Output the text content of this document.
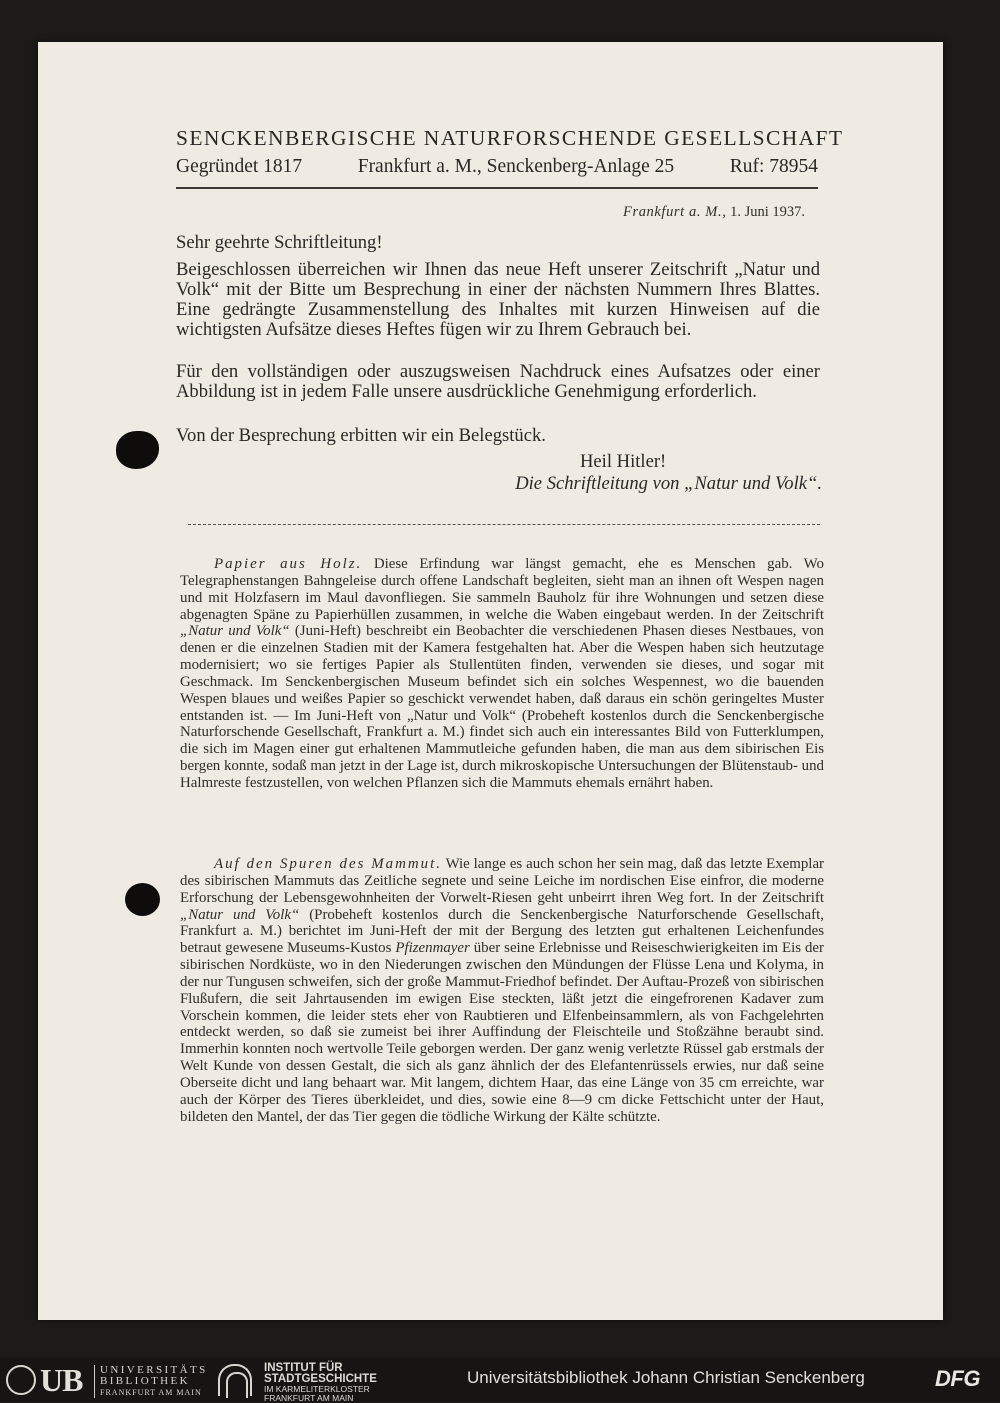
SENCKENBERGISCHE NATURFORSCHENDE GESELLSCHAFT
Gegründet 1817	Frankfurt a. M., Senckenberg-Anlage 25	Ruf: 78954
Frankfurt a. M., 1. Juni 1937.

Sehr geehrte Schriftleitung!

Beigeschlossen überreichen wir Ihnen das neue Heft unserer Zeitschrift „Natur und Volk“ mit der Bitte um Besprechung in einer der nächsten Nummern Ihres Blattes. Eine gedrängte Zusammenstellung des Inhaltes mit kurzen Hinweisen auf die wichtigsten Aufsätze dieses Heftes fügen wir zu Ihrem Gebrauch bei.

Für den vollständigen oder auszugsweisen Nachdruck eines Aufsatzes oder einer Abbildung ist in jedem Falle unsere ausdrückliche Genehmigung erforderlich.

Von der Besprechung erbitten wir ein Belegstück.

Heil Hitler!
Die Schriftleitung von „Natur und Volk“.

Papier aus Holz. Diese Erfindung war längst gemacht, ehe es Menschen gab. Wo Telegraphenstangen Bahngeleise durch offene Landschaft begleiten, sieht man an ihnen oft Wespen nagen und mit Holzfasern im Maul davonfliegen. Sie sammeln Bauholz für ihre Wohnungen und setzen diese abgenagten Späne zu Papierhüllen zusammen, in welche die Waben eingebaut werden. In der Zeitschrift „Natur und Volk“ (Juni-Heft) beschreibt ein Beobachter die verschiedenen Phasen dieses Nestbaues, von denen er die einzelnen Stadien mit der Kamera festgehalten hat. Aber die Wespen haben sich heutzutage modernisiert; wo sie fertiges Papier als Stullentüten finden, verwenden sie dieses, und sogar mit Geschmack. Im Senckenbergischen Museum befindet sich ein solches Wespennest, wo die bauenden Wespen blaues und weißes Papier so geschickt verwendet haben, daß daraus ein schön geringeltes Muster entstanden ist. — Im Juni-Heft von „Natur und Volk“ (Probeheft kostenlos durch die Senckenbergische Naturforschende Gesellschaft, Frankfurt a. M.) findet sich auch ein interessantes Bild von Futterklumpen, die sich im Magen einer gut erhaltenen Mammutleiche gefunden haben, die man aus dem sibirischen Eis bergen konnte, sodaß man jetzt in der Lage ist, durch mikroskopische Untersuchungen der Blütenstaub- und Halmreste festzustellen, von welchen Pflanzen sich die Mammuts ehemals ernährt haben.

Auf den Spuren des Mammut. Wie lange es auch schon her sein mag, daß das letzte Exemplar des sibirischen Mammuts das Zeitliche segnete und seine Leiche im nordischen Eise einfror, die moderne Erforschung der Lebensgewohnheiten der Vorwelt-Riesen geht unbeirrt ihren Weg fort. In der Zeitschrift „Natur und Volk“ (Probeheft kostenlos durch die Senckenbergische Naturforschende Gesellschaft, Frankfurt a. M.) berichtet im Juni-Heft der mit der Bergung des letzten gut erhaltenen Leichenfundes betraut gewesene Museums-Kustos Pfizenmayer über seine Erlebnisse und Reiseschwierigkeiten im Eis der sibirischen Nordküste, wo in den Niederungen zwischen den Mündungen der Flüsse Lena und Kolyma, in der nur Tungusen schweifen, sich der große Mammut-Friedhof befindet. Der Auftau-Prozeß von sibirischen Flußufern, die seit Jahrtausenden im ewigen Eise steckten, läßt jetzt die eingefrorenen Kadaver zum Vorschein kommen, die leider stets eher von Raubtieren und Elfenbeinsammlern, als von Fachgelehrten entdeckt werden, so daß sie zumeist bei ihrer Auffindung der Fleischteile und Stoßzähne beraubt sind. Immerhin konnten noch wertvolle Teile geborgen werden. Der ganz wenig verletzte Rüssel gab erstmals der Welt Kunde von dessen Gestalt, die sich als ganz ähnlich der des Elefantenrüssels erwies, nur daß seine Oberseite dicht und lang behaart war. Mit langem, dichtem Haar, das eine Länge von 35 cm erreichte, war auch der Körper des Tieres überkleidet, und dies, sowie eine 8—9 cm dicke Fettschicht unter der Haut, bildeten den Mantel, der das Tier gegen die tödliche Wirkung der Kälte schützte.

UB UNIVERSITÄTS
BIBLIOTHEK
FRANKFURT AM MAIN
INSTITUT FÜR
STADTGESCHICHTE
IM KARMELITERKLOSTER
FRANKFURT AM MAIN
Universitätsbibliothek Johann Christian Senckenberg	DFG
